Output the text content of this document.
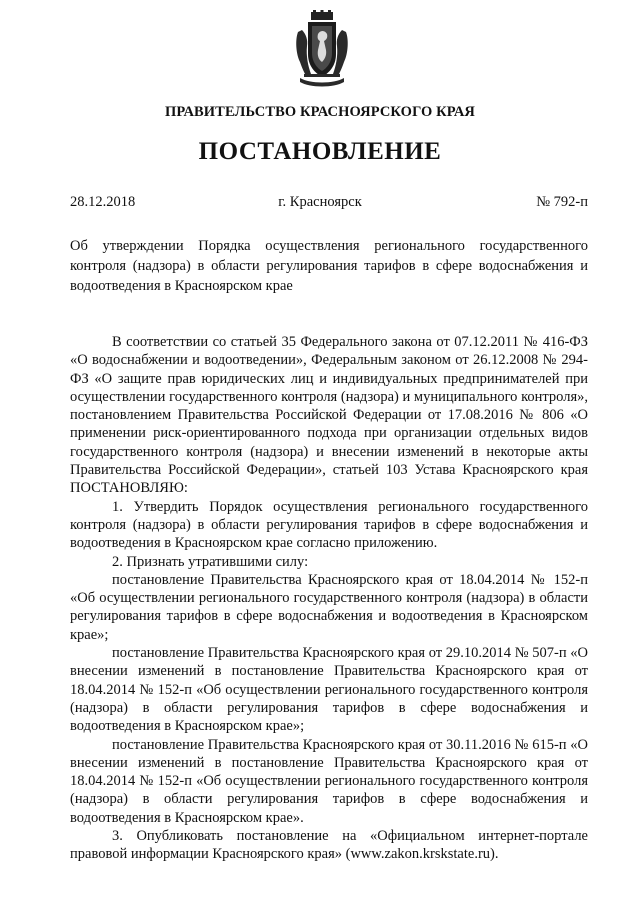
ПРАВИТЕЛЬСТВО КРАСНОЯРСКОГО КРАЯ
ПОСТАНОВЛЕНИЕ
28.12.2018	г. Красноярск	№ 792-п
Об утверждении Порядка осуществления регионального государственного контроля (надзора) в области регулирования тарифов в сфере водоснабжения и водоотведения в Красноярском крае

В соответствии со статьей 35 Федерального закона от 07.12.2011 № 416-ФЗ «О водоснабжении и водоотведении», Федеральным законом от 26.12.2008 № 294-ФЗ «О защите прав юридических лиц и индивидуальных предпринимателей при осуществлении государственного контроля (надзора) и муниципального контроля», постановлением Правительства Российской Федерации от 17.08.2016 № 806 «О применении риск-ориентированного подхода при организации отдельных видов государственного контроля (надзора) и внесении изменений в некоторые акты Правительства Российской Федерации», статьей 103 Устава Красноярского края ПОСТАНОВЛЯЮ:

1. Утвердить Порядок осуществления регионального государственного контроля (надзора) в области регулирования тарифов в сфере водоснабжения и водоотведения в Красноярском крае согласно приложению.

2. Признать утратившими силу:

постановление Правительства Красноярского края от 18.04.2014 № 152-п «Об осуществлении регионального государственного контроля (надзора) в области регулирования тарифов в сфере водоснабжения и водоотведения в Красноярском крае»;

постановление Правительства Красноярского края от 29.10.2014 № 507-п «О внесении изменений в постановление Правительства Красноярского края от 18.04.2014 № 152-п «Об осуществлении регионального государственного контроля (надзора) в области регулирования тарифов в сфере водоснабжения и водоотведения в Красноярском крае»;

постановление Правительства Красноярского края от 30.11.2016 № 615-п «О внесении изменений в постановление Правительства Красноярского края от 18.04.2014 № 152-п «Об осуществлении регионального государственного контроля (надзора) в области регулирования тарифов в сфере водоснабжения и водоотведения в Красноярском крае».

3. Опубликовать постановление на «Официальном интернет-портале правовой информации Красноярского края» (www.zakon.krskstate.ru).
